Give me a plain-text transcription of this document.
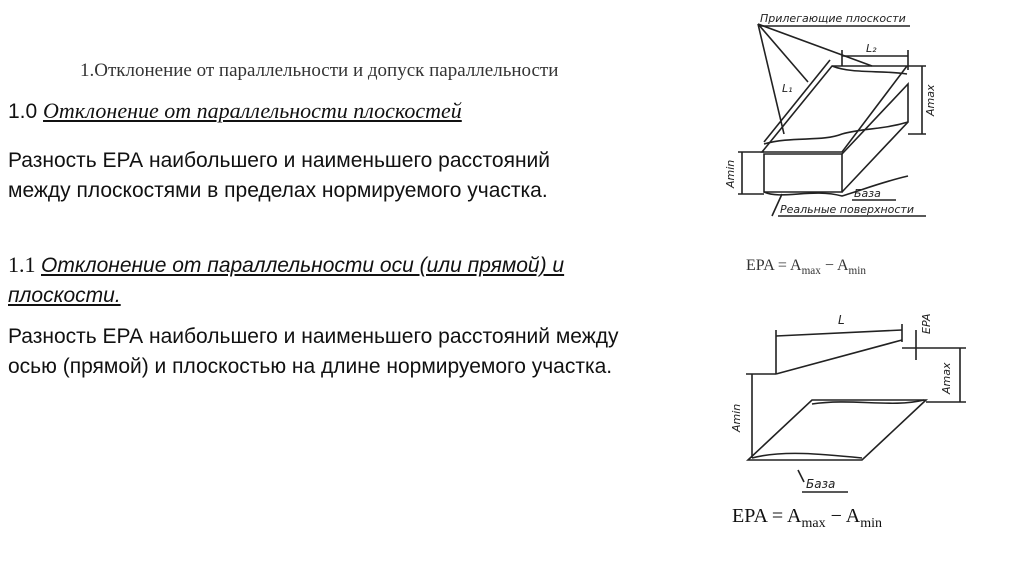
1.Отклонение от параллельности и допуск параллельности
1.0 Отклонение от параллельности плоскостей
Разность ЕРА наибольшего и наименьшего расстояний между плоскостями в пределах нормируемого участка.
1.1 Отклонение от параллельности оси (или прямой) и плоскости.
Разность ЕРА наибольшего и наименьшего расстояний между осью (прямой) и плоскостью на длине нормируемого участка.
Прилегающие плоскости
L₂
L₁	Amax
Amin
База
Реальные поверхности
EPA = $A_{max} - A_{min}$
L	EPA
Amin
Amax
База
EPA = $A_{max} - A_{min}$
